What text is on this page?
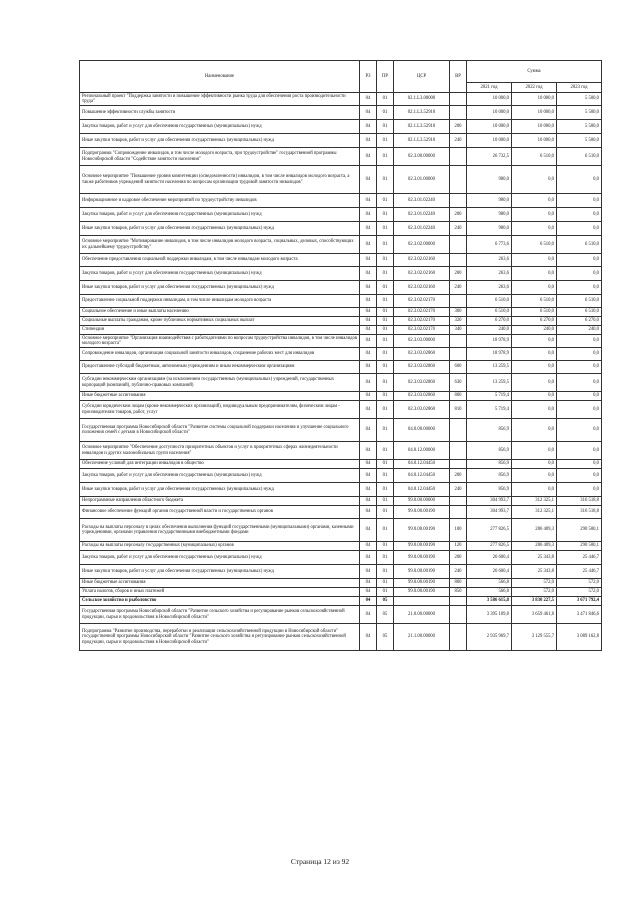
Наименование	РЗ	ПР	ЦСР	ВР	Сумма		
					2021 год	2022 год	2023 год
Региональный проект "Поддержка занятости и повышение эффективности рынка труда для обеспечения роста производительности труда"	04	01	02.1.L3.00000		10 000,0	10 000,0	5 500,0
Повышение эффективности службы занятости	04	01	02.1.L3.52910		10 000,0	10 000,0	5 500,0
Закупка товаров, работ и услуг для обеспечения государственных (муниципальных) нужд	04	01	02.1.L3.52910	200	10 000,0	10 000,0	5 500,0
Иные закупки товаров, работ и услуг для обеспечения государственных (муниципальных) нужд	04	01	02.1.L3.52910	240	10 000,0	10 000,0	5 500,0
Подпрограмма "Сопровождение инвалидов, в том числе молодого возраста, при трудоустройстве" государственной программы Новосибирской области "Содействие занятости населения"	04	01	02.3.00.00000		26 732,5	6 510,0	6 510,0
Основное мероприятие "Повышение уровня компетенции (осведомленности) инвалидов, в том числе инвалидов молодого возраста, а также работников учреждений занятости населения по вопросам организации трудовой занятости инвалидов"	04	01	02.3.01.00000		980,0	0,0	0,0
Информационное и кадровое обеспечение мероприятий по трудоустройству инвалидов	04	01	02.3.01.02240		980,0	0,0	0,0
Закупка товаров, работ и услуг для обеспечения государственных (муниципальных) нужд	04	01	02.3.01.02240	200	980,0	0,0	0,0
Иные закупки товаров, работ и услуг для обеспечения государственных (муниципальных) нужд	04	01	02.3.01.02240	240	980,0	0,0	0,0
Основное мероприятие "Мотивирование инвалидов, в том числе инвалидов молодого возраста, социальных, деловых, способствующих их дальнейшему трудоустройству"	04	01	02.3.02.00000		6 773,6	6 510,0	6 510,0
Обеспечение предоставления социальной поддержки инвалидам, в том числе инвалидам молодого возраста	04	01	02.3.02.02160		263,6	0,0	0,0
Закупка товаров, работ и услуг для обеспечения государственных (муниципальных) нужд	04	01	02.3.02.02160	200	263,6	0,0	0,0
Иные закупки товаров, работ и услуг для обеспечения государственных (муниципальных) нужд	04	01	02.3.02.02160	240	263,6	0,0	0,0
Предоставление социальной поддержки инвалидам, в том числе инвалидам молодого возраста	04	01	02.3.02.02170		6 510,0	6 510,0	6 510,0
Социальное обеспечение и иные выплаты населению	04	01	02.3.02.02170	300	6 510,0	6 510,0	6 510,0
Социальные выплаты гражданам, кроме публичных нормативных социальных выплат	04	01	02.3.02.02170	320	6 270,0	6 270,0	6 270,0
Стипендии	04	01	02.3.02.02170	340	240,0	240,0	240,0
Основное мероприятие "Организация взаимодействия с работодателями по вопросам трудоустройства инвалидов, в том числе инвалидов молодого возраста"	04	01	02.3.03.00000		18 978,9	0,0	0,0
Сопровождение инвалидов, организация социальной занятости инвалидов, сохранение рабочих мест для инвалидов	04	01	02.3.03.02860		18 978,9	0,0	0,0
Предоставление субсидий бюджетным, автономным учреждениям и иным некоммерческим организациям	04	01	02.3.03.02860	600	13 259,5	0,0	0,0
Субсидии некоммерческим организациям (за исключением государственных (муниципальных) учреждений, государственных корпораций (компаний), публично-правовых компаний)	04	01	02.3.03.02860	630	13 259,5	0,0	0,0
Иные бюджетные ассигнования	04	01	02.3.03.02860	800	5 719,4	0,0	0,0
Субсидии юридическим лицам (кроме некоммерческих организаций), индивидуальным предпринимателям, физическим лицам - производителям товаров, работ, услуг	04	01	02.3.03.02860	810	5 719,4	0,0	0,0
Государственная программа Новосибирской области "Развитие системы социальной поддержки населения и улучшение социального положения семей с детьми в Новосибирской области"	04	01	04.0.00.00000		856,9	0,0	0,0
Основное мероприятие "Обеспечение доступности приоритетных объектов и услуг в приоритетных сферах жизнедеятельности инвалидов и других маломобильных групп населения"	04	01	04.0.12.00000		856,9	0,0	0,0
Обеспечение условий для интеграции инвалидов в общество	04	01	04.0.12.04450		856,9	0,0	0,0
Закупка товаров, работ и услуг для обеспечения государственных (муниципальных) нужд	04	01	04.0.12.04450	200	856,9	0,0	0,0
Иные закупки товаров, работ и услуг для обеспечения государственных (муниципальных) нужд	04	01	04.0.12.04450	240	856,9	0,0	0,0
Непрограммные направления областного бюджета	04	01	99.0.00.00000		304 993,7	312 325,1	316 518,8
Финансовое обеспечение функций органов государственной власти и государственных органов	04	01	99.0.00.00190		304 993,7	312 325,1	316 518,8
Расходы на выплаты персоналу в целях обеспечения выполнения функций государственными (муниципальными) органами, казенными учреждениями, органами управления государственными внебюджетными фондами	04	01	99.0.00.00190	100	277 826,5	286 409,3	290 500,1
Расходы на выплаты персоналу государственных (муниципальных) органов	04	01	99.0.00.00190	120	277 826,5	286 409,3	290 500,1
Закупка товаров, работ и услуг для обеспечения государственных (муниципальных) нужд	04	01	99.0.00.00190	200	26 600,4	25 343,8	25 446,7
Иные закупки товаров, работ и услуг для обеспечения государственных (муниципальных) нужд	04	01	99.0.00.00190	240	26 600,4	25 343,8	25 446,7
Иные бюджетные ассигнования	04	01	99.0.00.00190	800	566,8	572,0	572,0
Уплата налогов, сборов и иных платежей	04	01	99.0.00.00190	850	566,8	572,0	572,0
Сельское хозяйство и рыболовство	04	05			3 586 615,8	3 830 227,5	3 671 792,4
Государственная программа Новосибирской области "Развитие сельского хозяйства и регулирование рынков сельскохозяйственной продукции, сырья и продовольствия в Новосибирской области"	04	05	21.0.00.00000		3 395 109,8	3 659 461,8	3 471 846,6
Подпрограмма "Развитие производства, переработки и реализации сельскохозяйственной продукции в Новосибирской области" государственной программы Новосибирской области "Развитие сельского хозяйства и регулирование рынков сельскохозяйственной продукции, сырья и продовольствия в Новосибирской области"	04	05	21.1.00.00000		2 935 969,7	3 129 555,7	3 089 162,8
Страница 12 из 92
